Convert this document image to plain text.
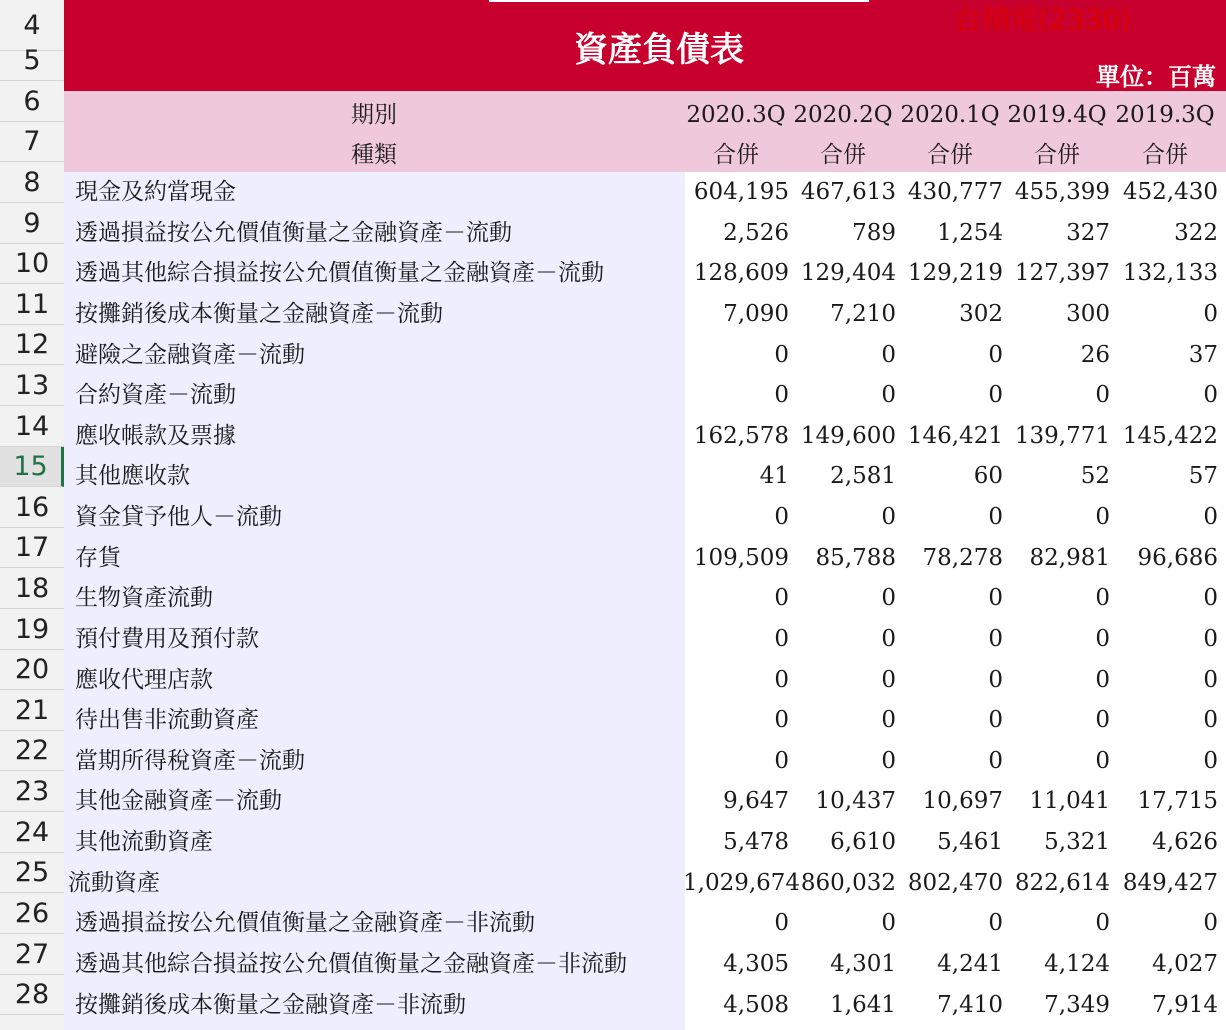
4
5
6
7
8
9
10
11
12
13
14
15
16
17
18
19
20
21
22
23
24
25
26
27
28
資產負債表
台積電(2330)
單位：百萬
期別
種類
2020.3Q 2020.2Q 2020.1Q 2019.4Q 2019.3Q
合併	合併	合併	合併	合併
現金及約當現金	604,195 467,613 430,777 455,399 452,430
透過損益按公允價值衡量之金融資產－流動	2,526	789	1,254	327	322
透過其他綜合損益按公允價值衡量之金融資產－流動	128,609 129,404 129,219 127,397 132,133
按攤銷後成本衡量之金融資產－流動	7,090	7,210	302	300	0
避險之金融資產－流動	0	0	0	26	37
合約資產－流動	0	0	0	0	0
應收帳款及票據	162,578 149,600 146,421 139,771 145,422
其他應收款	41	2,581	60	52	57
資金貸予他人－流動	0	0	0	0	0
存貨	109,509	85,788	78,278	82,981	96,686
生物資產流動	0	0	0	0	0
預付費用及預付款	0	0	0	0	0
應收代理店款	0	0	0	0	0
待出售非流動資產	0	0	0	0	0
當期所得稅資產－流動	0	0	0	0	0
其他金融資產－流動	9,647	10,437	10,697	11,041	17,715
其他流動資產	5,478	6,610	5,461	5,321	4,626
流動資產	1,029,674 860,032 802,470 822,614 849,427
透過損益按公允價值衡量之金融資產－非流動	0	0	0	0	0
透過其他綜合損益按公允價值衡量之金融資產－非流動	4,305	4,301	4,241	4,124	4,027
按攤銷後成本衡量之金融資產－非流動	4,508	1,641	7,410	7,349	7,914
